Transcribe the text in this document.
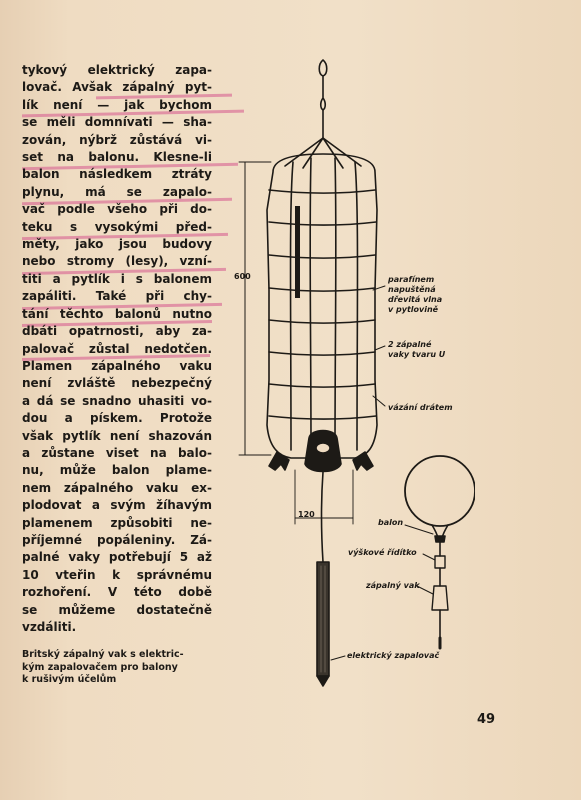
tykový elektrický zapa-
lovač. Avšak zápalný pyt-
lík není — jak bychom
se měli domnívati — sha-
zován, nýbrž zůstává vi-
set na balonu. Klesne-li
balon následkem ztráty
plynu, má se zapalo-
vač podle všeho při do-
teku s vysokými před-
měty, jako jsou budovy
nebo stromy (lesy), vzní-
titi a pytlík i s balonem
zapáliti. Také při chy-
tání těchto balonů nutno
dbáti opatrnosti, aby za-
palovač zůstal nedotčen.
Plamen zápalného vaku
není zvláště nebezpečný
a dá se snadno uhasiti vo-
dou a pískem. Protože
však pytlík není shazován
a zůstane viset na balo-
nu, může balon plame-
nem zápalného vaku ex-
plodovat a svým žíhavým
plamenem způsobiti ne-
příjemné popáleniny. Zá-
palné vaky potřebují 5 až
10 vteřin k správnému
rozhoření. V této době
se můžeme dostatečně
vzdáliti.
Britský zápalný vak s elektric-
kým zapalovačem pro balony
k rušivým účelům
600
120
parafínem
napuštěná
dřevitá vlna
v pytlovině
2 zápalné
vaky tvaru U
vázání drátem
balon
výškové řídítko
zápalný vak
elektrický zapalovač
49
